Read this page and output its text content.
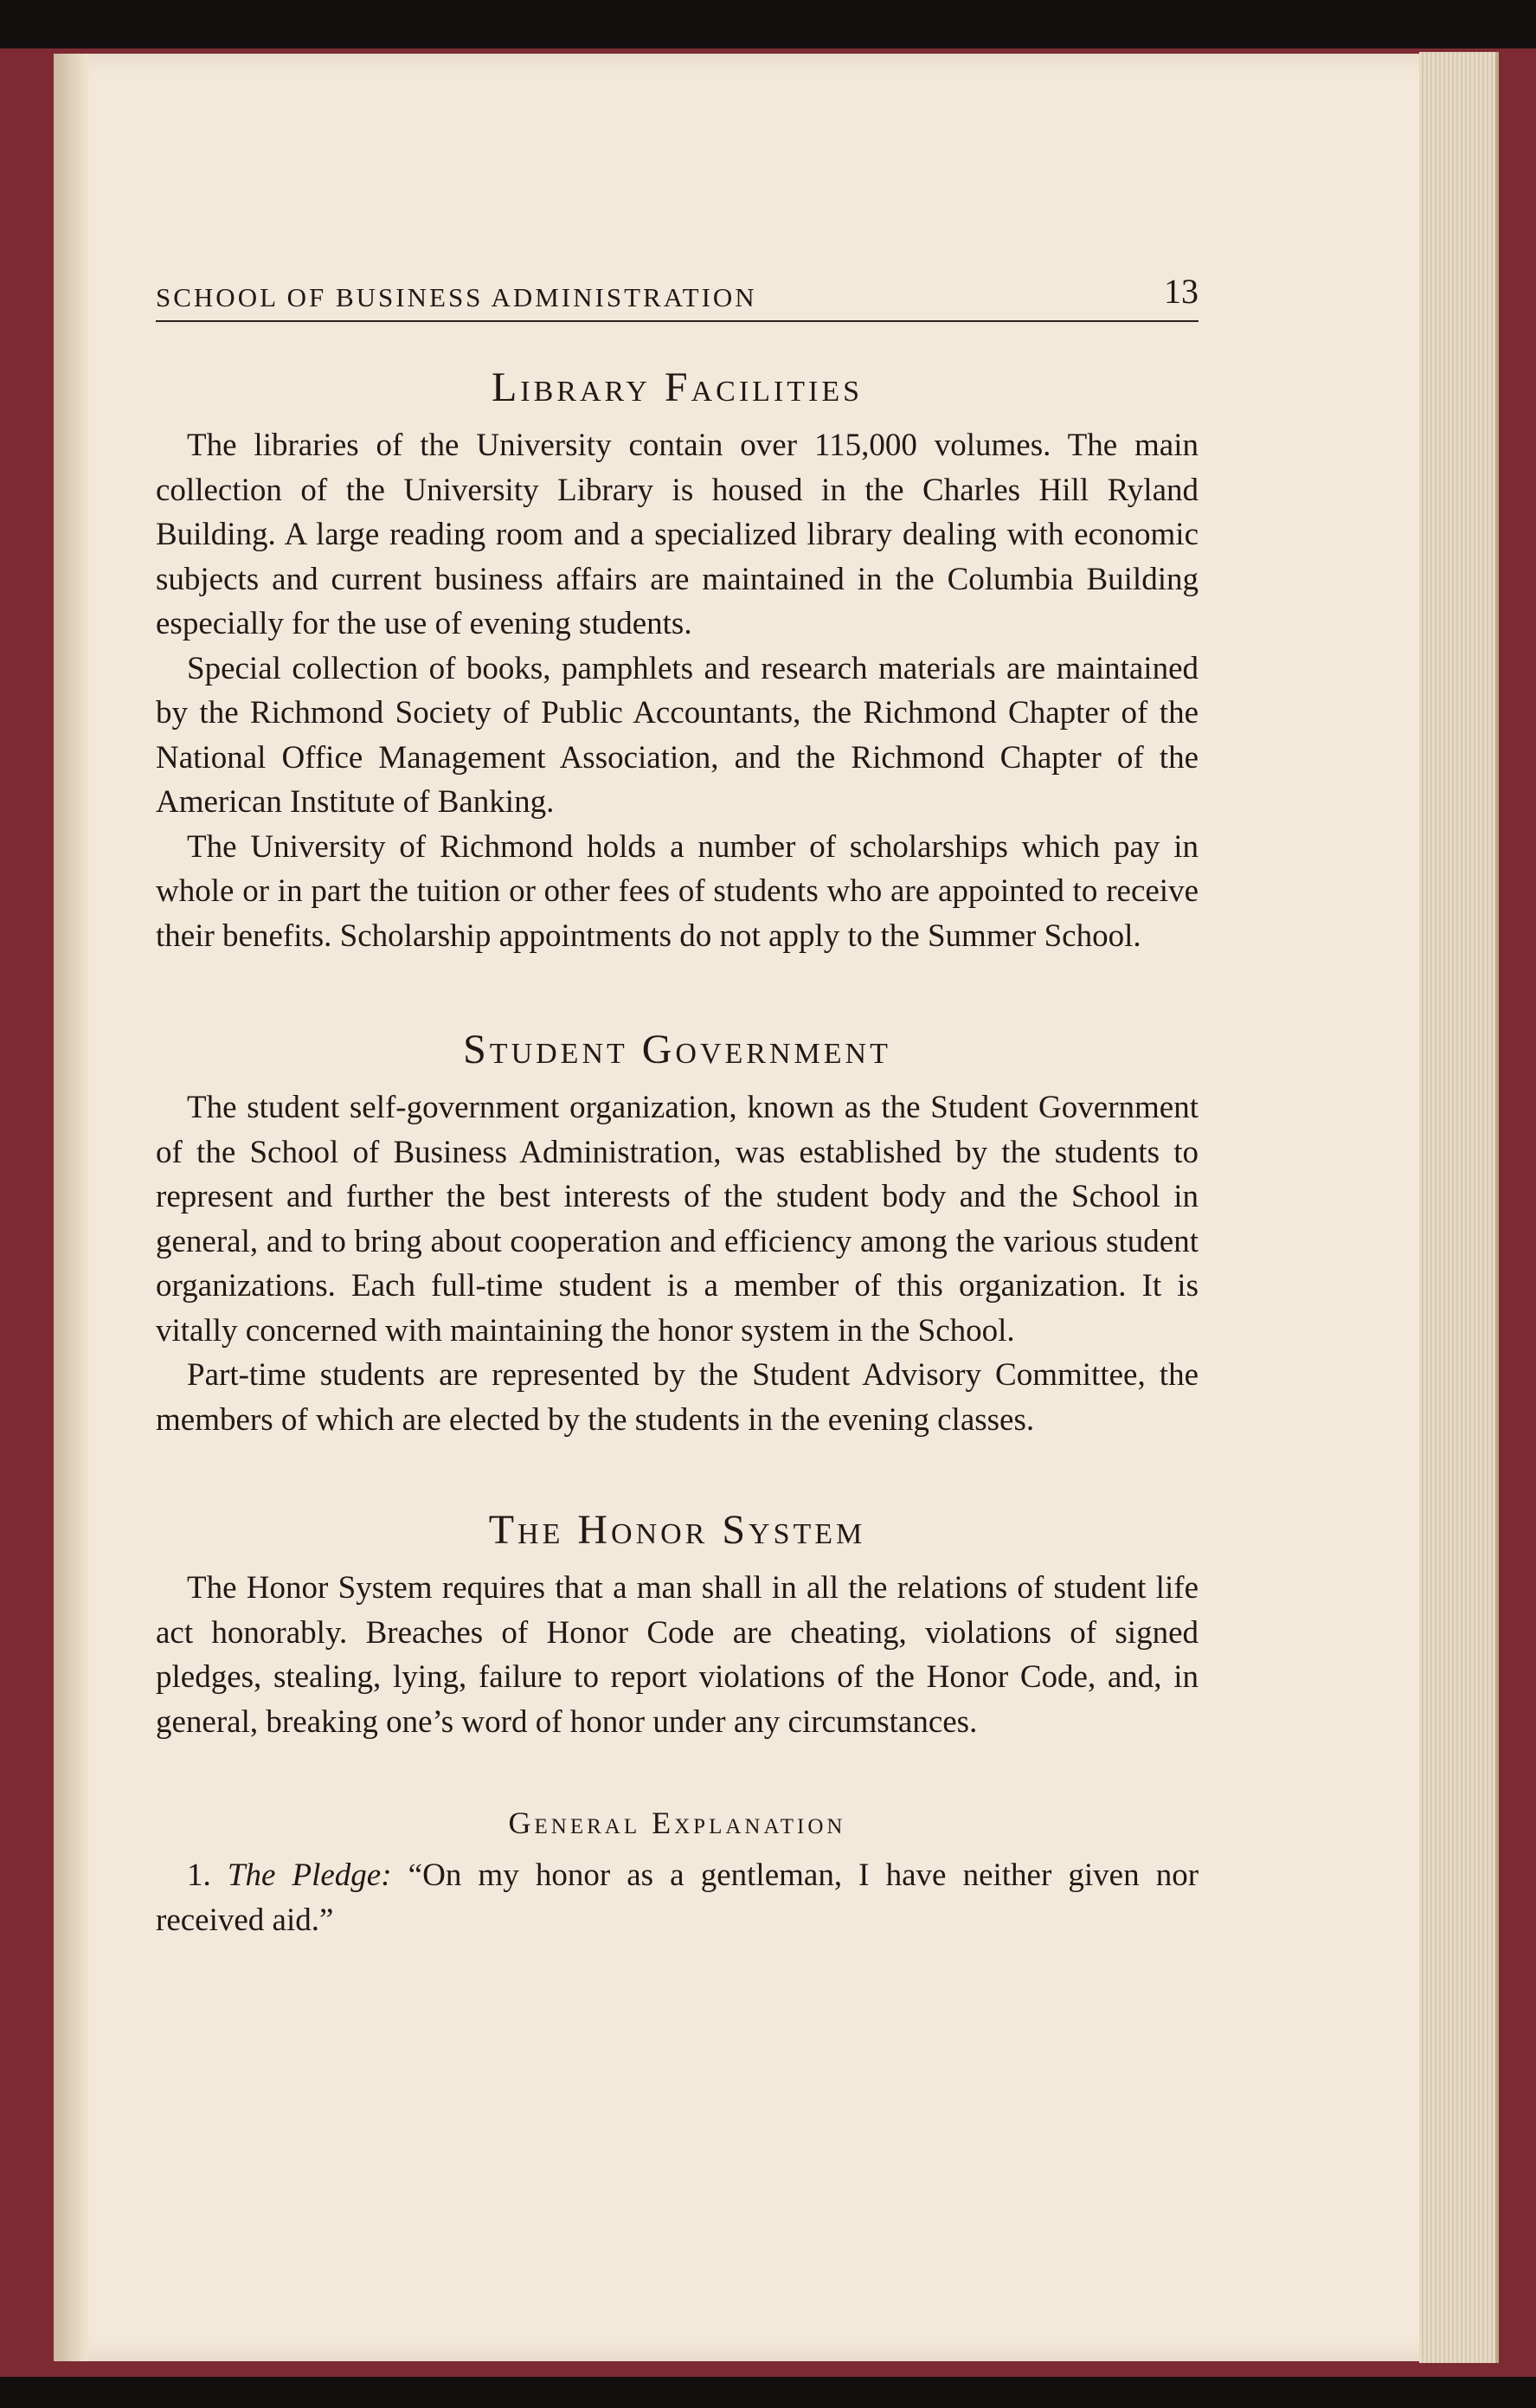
SCHOOL OF BUSINESS ADMINISTRATION	13
Library Facilities

The libraries of the University contain over 115,000 volumes. The main collection of the University Library is housed in the Charles Hill Ryland Building. A large reading room and a specialized library dealing with economic subjects and current business affairs are maintained in the Columbia Building especially for the use of evening students.

Special collection of books, pamphlets and research materials are maintained by the Richmond Society of Public Accountants, the Richmond Chapter of the National Office Management Association, and the Richmond Chapter of the American Institute of Banking.

The University of Richmond holds a number of scholarships which pay in whole or in part the tuition or other fees of students who are appointed to receive their benefits. Scholarship appointments do not apply to the Summer School.

Student Government

The student self-government organization, known as the Student Government of the School of Business Administration, was established by the students to represent and further the best interests of the student body and the School in general, and to bring about cooperation and efficiency among the various student organizations. Each full-time student is a member of this organization. It is vitally concerned with maintaining the honor system in the School.

Part-time students are represented by the Student Advisory Committee, the members of which are elected by the students in the evening classes.

The Honor System

The Honor System requires that a man shall in all the relations of student life act honorably. Breaches of Honor Code are cheating, violations of signed pledges, stealing, lying, failure to report violations of the Honor Code, and, in general, breaking one’s word of honor under any circumstances.

General Explanation

1. The Pledge: “On my honor as a gentleman, I have neither given nor received aid.”
